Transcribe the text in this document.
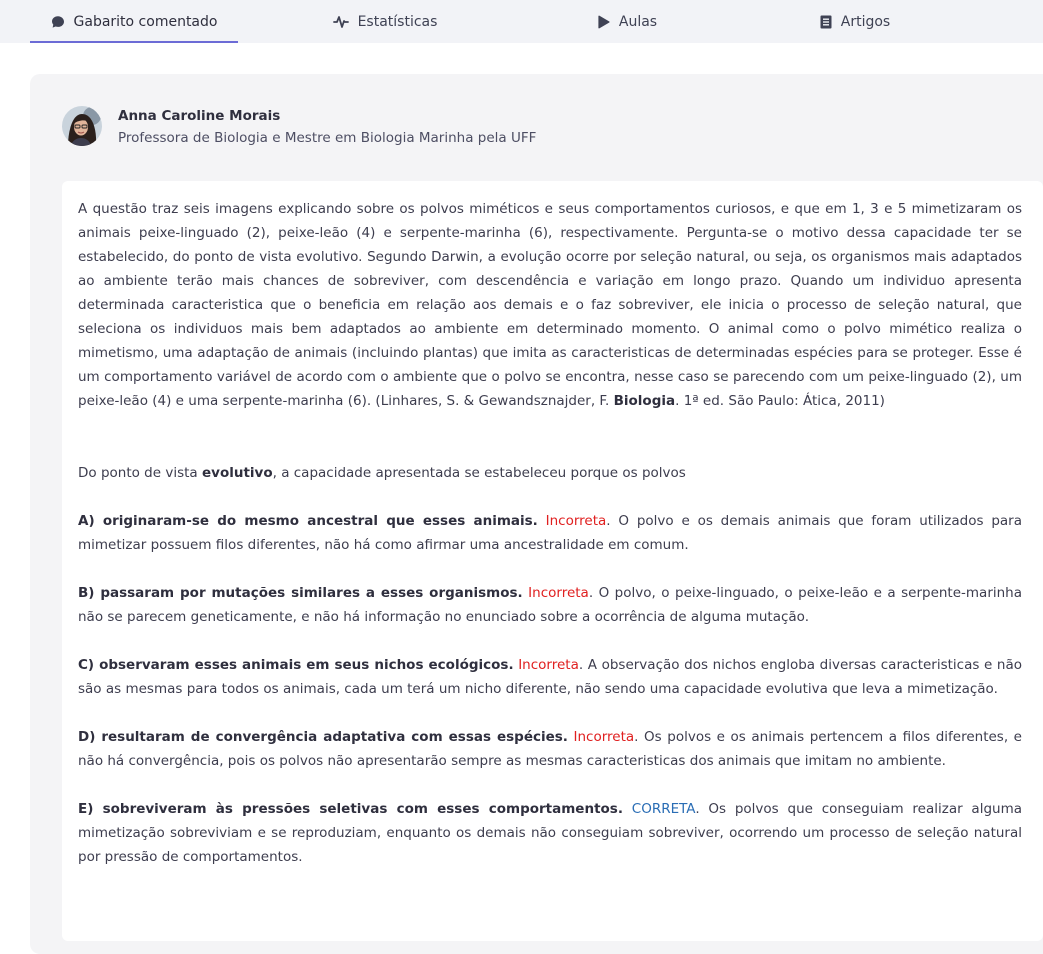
Gabarito comentado	Estatísticas	Aulas	Artigos
Anna Caroline Morais
Professora de Biologia e Mestre em Biologia Marinha pela UFF

A questão traz seis imagens explicando sobre os polvos miméticos e seus comportamentos curiosos, e que em 1, 3 e 5 mimetizaram os animais peixe-linguado (2), peixe-leão (4) e serpente-marinha (6), respectivamente. Pergunta-se o motivo dessa capacidade ter se estabelecido, do ponto de vista evolutivo. Segundo Darwin, a evolução ocorre por seleção natural, ou seja, os organismos mais adaptados ao ambiente terão mais chances de sobreviver, com descendência e variação em longo prazo. Quando um individuo apresenta determinada caracteristica que o beneficia em relação aos demais e o faz sobreviver, ele inicia o processo de seleção natural, que seleciona os individuos mais bem adaptados ao ambiente em determinado momento. O animal como o polvo mimético realiza o mimetismo, uma adaptação de animais (incluindo plantas) que imita as caracteristicas de determinadas espécies para se proteger. Esse é um comportamento variável de acordo com o ambiente que o polvo se encontra, nesse caso se parecendo com um peixe-linguado (2), um peixe-leão (4) e uma serpente-marinha (6). (Linhares, S. & Gewandsznajder, F. Biologia. 1ª ed. São Paulo: Ática, 2011)

Do ponto de vista evolutivo, a capacidade apresentada se estabeleceu porque os polvos

A) originaram-se do mesmo ancestral que esses animais. Incorreta. O polvo e os demais animais que foram utilizados para mimetizar possuem filos diferentes, não há como afirmar uma ancestralidade em comum.

B) passaram por mutações similares a esses organismos. Incorreta. O polvo, o peixe-linguado, o peixe-leão e a serpente-marinha não se parecem geneticamente, e não há informação no enunciado sobre a ocorrência de alguma mutação.

C) observaram esses animais em seus nichos ecológicos. Incorreta. A observação dos nichos engloba diversas caracteristicas e não são as mesmas para todos os animais, cada um terá um nicho diferente, não sendo uma capacidade evolutiva que leva a mimetização.

D) resultaram de convergência adaptativa com essas espécies. Incorreta. Os polvos e os animais pertencem a filos diferentes, e não há convergência, pois os polvos não apresentarão sempre as mesmas caracteristicas dos animais que imitam no ambiente.

E) sobreviveram às pressões seletivas com esses comportamentos. CORRETA. Os polvos que conseguiam realizar alguma mimetização sobreviviam e se reproduziam, enquanto os demais não conseguiam sobreviver, ocorrendo um processo de seleção natural por pressão de comportamentos.
